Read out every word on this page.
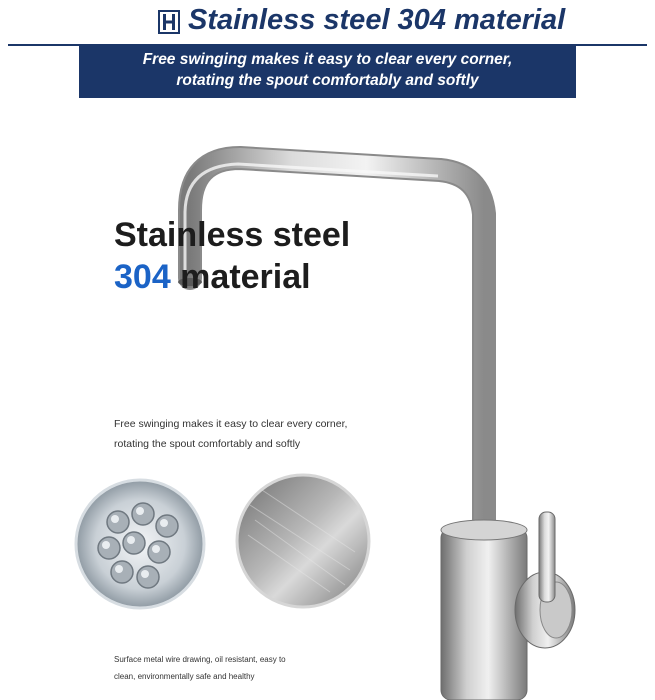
Stainless steel 304 material
Free swinging makes it easy to clear every corner,
rotating the spout comfortably and softly
Stainless steel
304 material
Free swinging makes it easy to clear every corner,
rotating the spout comfortably and softly
Surface metal wire drawing, oil resistant, easy to
clean, environmentally safe and healthy
